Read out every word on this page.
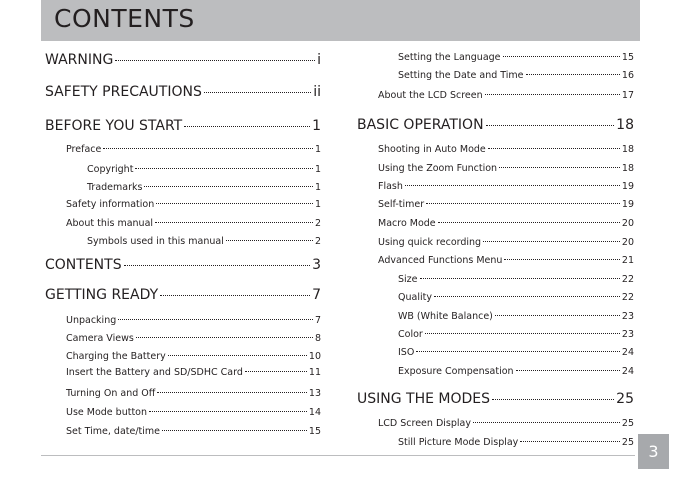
CONTENTS
WARNING	i
SAFETY PRECAUTIONS	ii
BEFORE YOU START	1
Preface	1
Copyright	1
Trademarks	1
Safety information	1
About this manual	2
Symbols used in this manual	2
CONTENTS	3
GETTING READY	7
Unpacking	7
Camera Views	8
Charging the Battery	10
Insert the Battery and SD/SDHC Card	11
Turning On and Off	13
Use Mode button	14
Set Time, date/time	15
Setting the Language	15
Setting the Date and Time	16
About the LCD Screen	17
BASIC OPERATION	18
Shooting in Auto Mode	18
Using the Zoom Function	18
Flash	19
Self-timer	19
Macro Mode	20
Using quick recording	20
Advanced Functions Menu	21
Size	22
Quality	22
WB (White Balance)	23
Color	23
ISO	24
Exposure Compensation	24
USING THE MODES	25
LCD Screen Display	25
Still Picture Mode Display	25 3
